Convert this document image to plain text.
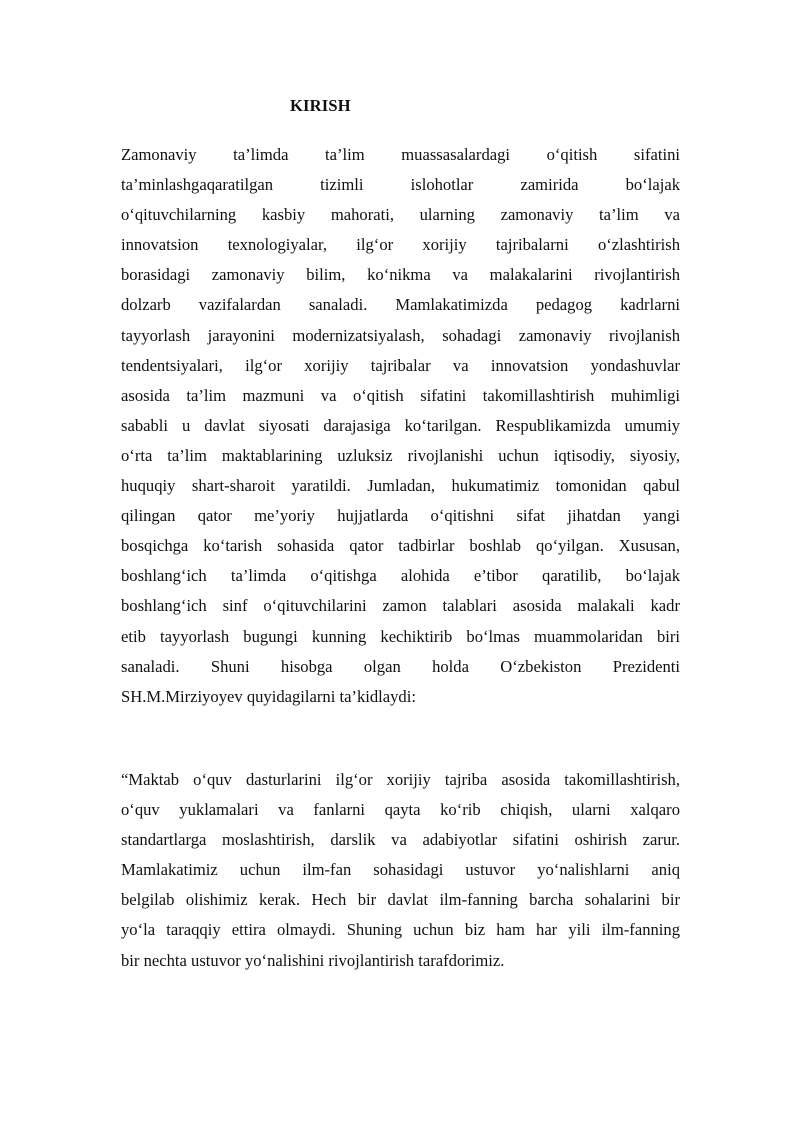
KIRISH

Zamonaviy ta’limda ta’lim muassasalardagi o‘qitish sifatini
ta’minlashgaqaratilgan tizimli islohotlar zamirida bo‘lajak
o‘qituvchilarning kasbiy mahorati, ularning zamonaviy ta’lim va
innovatsion texnologiyalar, ilg‘or xorijiy tajribalarni o‘zlashtirish
borasidagi zamonaviy bilim, ko‘nikma va malakalarini rivojlantirish
dolzarb vazifalardan sanaladi. Mamlakatimizda pedagog kadrlarni
tayyorlash jarayonini modernizatsiyalash, sohadagi zamonaviy rivojlanish
tendentsiyalari, ilg‘or xorijiy tajribalar va innovatsion yondashuvlar
asosida ta’lim mazmuni va o‘qitish sifatini takomillashtirish muhimligi
sababli u davlat siyosati darajasiga ko‘tarilgan. Respublikamizda umumiy
o‘rta ta’lim maktablarining uzluksiz rivojlanishi uchun iqtisodiy, siyosiy,
huquqiy shart-sharoit yaratildi. Jumladan, hukumatimiz tomonidan qabul
qilingan qator me’yoriy hujjatlarda o‘qitishni sifat jihatdan yangi
bosqichga ko‘tarish sohasida qator tadbirlar boshlab qo‘yilgan. Xususan,
boshlang‘ich ta’limda o‘qitishga alohida e’tibor qaratilib, bo‘lajak
boshlang‘ich sinf o‘qituvchilarini zamon talablari asosida malakali kadr
etib tayyorlash bugungi kunning kechiktirib bo‘lmas muammolaridan biri
sanaladi. Shuni hisobga olgan holda O‘zbekiston Prezidenti
SH.M.Mirziyoyev quyidagilarni ta’kidlaydi:

“Maktab o‘quv dasturlarini ilg‘or xorijiy tajriba asosida takomillashtirish,
o‘quv yuklamalari va fanlarni qayta ko‘rib chiqish, ularni xalqaro
standartlarga moslashtirish, darslik va adabiyotlar sifatini oshirish zarur.
Mamlakatimiz uchun ilm-fan sohasidagi ustuvor yo‘nalishlarni aniq
belgilab olishimiz kerak. Hech bir davlat ilm-fanning barcha sohalarini bir
yo‘la taraqqiy ettira olmaydi. Shuning uchun biz ham har yili ilm-fanning
bir nechta ustuvor yo‘nalishini rivojlantirish tarafdorimiz.
